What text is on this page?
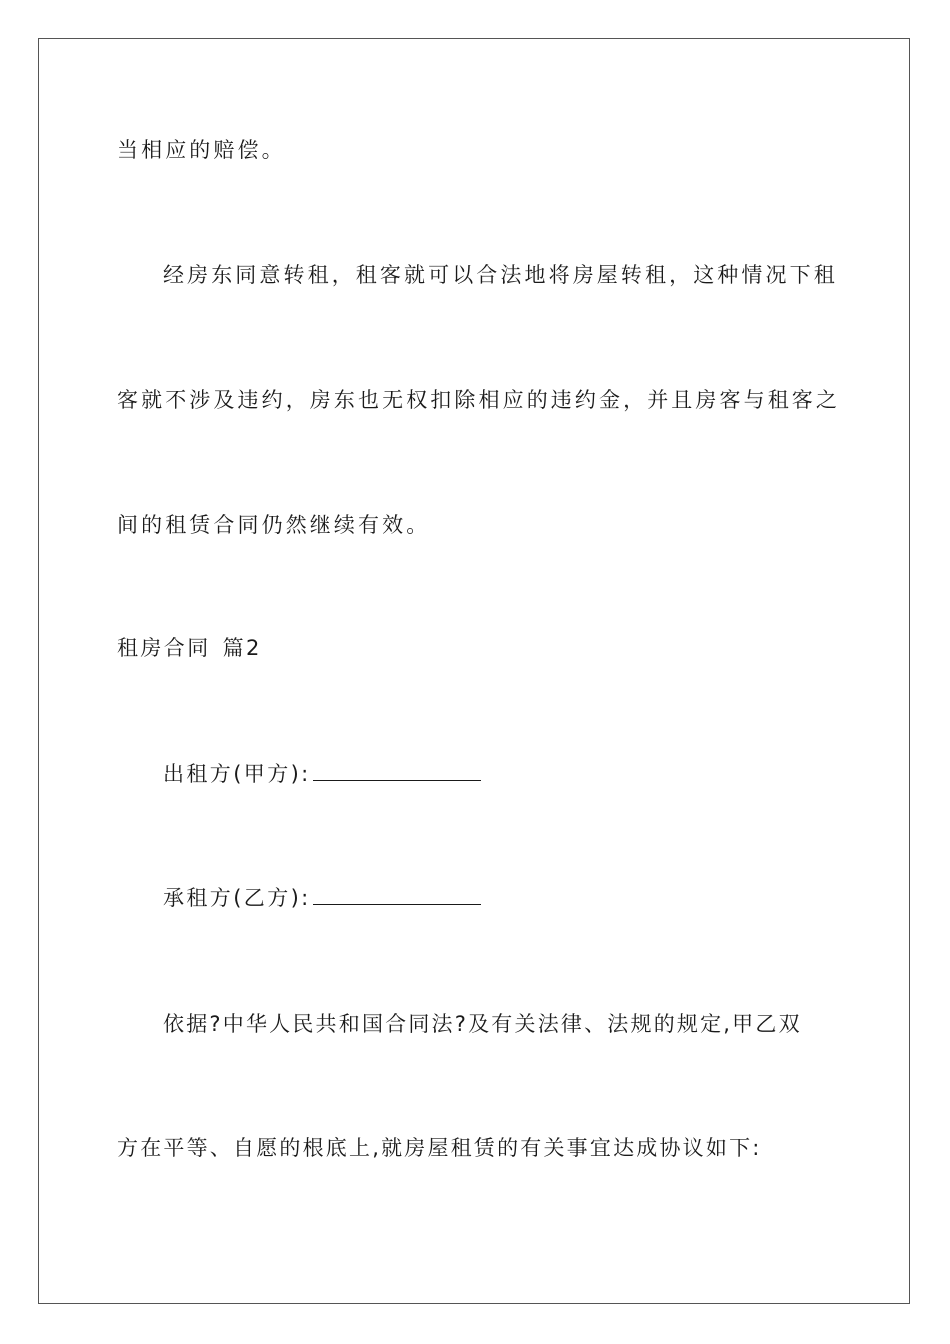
当相应的赔偿。
经房东同意转租，租客就可以合法地将房屋转租，这种情况下租
客就不涉及违约，房东也无权扣除相应的违约金，并且房客与租客之
间的租赁合同仍然继续有效。
租房合同 篇2
出租方(甲方):
承租方(乙方):
依据?中华人民共和国合同法?及有关法律、法规的规定,甲乙双
方在平等、自愿的根底上,就房屋租赁的有关事宜达成协议如下:
